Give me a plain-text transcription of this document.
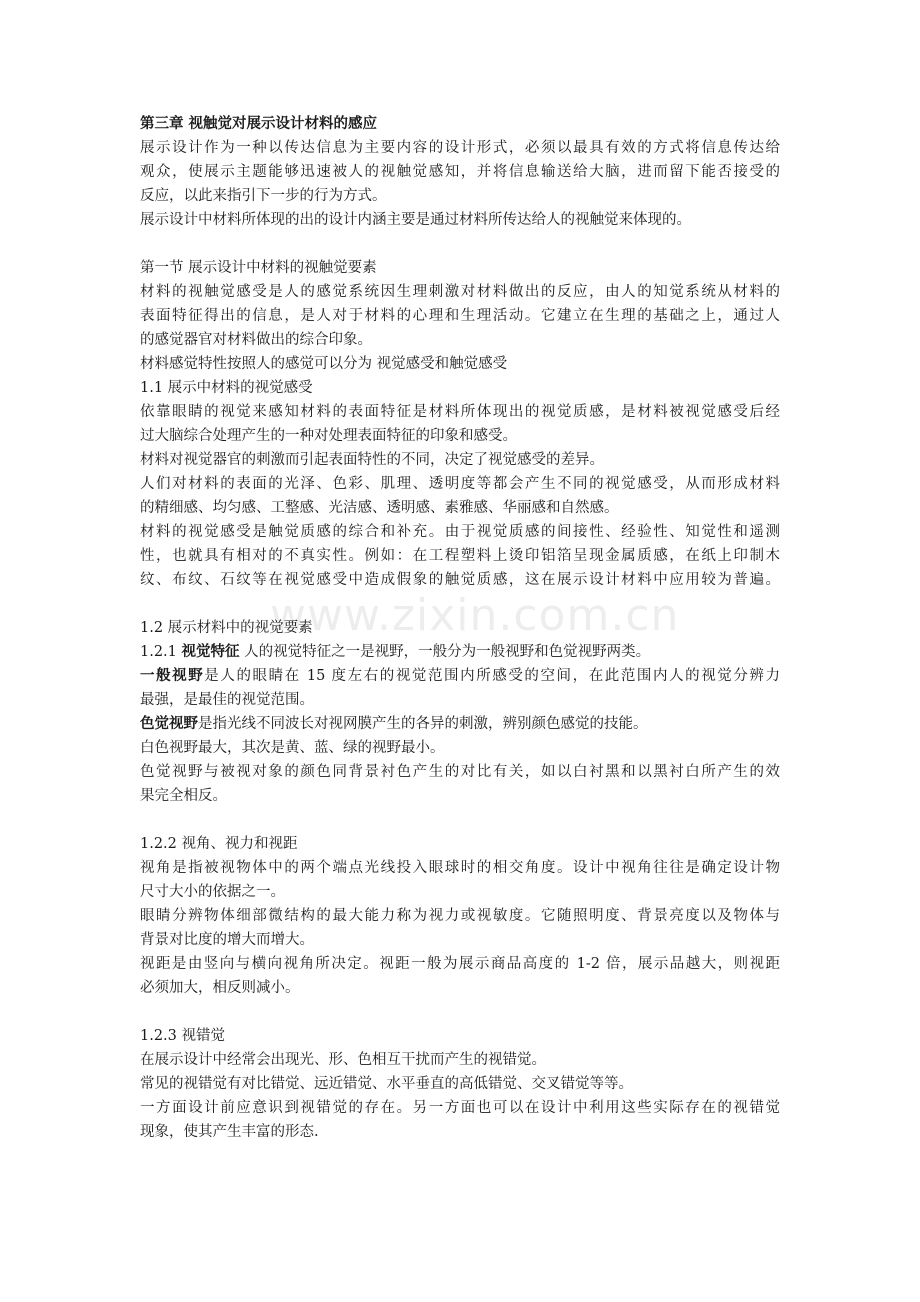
www.zixin.com.cn
第三章 视触觉对展示设计材料的感应
展示设计作为一种以传达信息为主要内容的设计形式，必须以最具有效的方式将信息传达给
观众，使展示主题能够迅速被人的视触觉感知，并将信息输送给大脑，进而留下能否接受的
反应，以此来指引下一步的行为方式。
展示设计中材料所体现的出的设计内涵主要是通过材料所传达给人的视触觉来体现的。
第一节 展示设计中材料的视触觉要素
材料的视触觉感受是人的感觉系统因生理刺激对材料做出的反应，由人的知觉系统从材料的
表面特征得出的信息，是人对于材料的心理和生理活动。它建立在生理的基础之上，通过人
的感觉器官对材料做出的综合印象。
材料感觉特性按照人的感觉可以分为 视觉感受和触觉感受
1.1 展示中材料的视觉感受
依靠眼睛的视觉来感知材料的表面特征是材料所体现出的视觉质感，是材料被视觉感受后经
过大脑综合处理产生的一种对处理表面特征的印象和感受。
材料对视觉器官的刺激而引起表面特性的不同，决定了视觉感受的差异。
人们对材料的表面的光泽、色彩、肌理、透明度等都会产生不同的视觉感受，从而形成材料
的精细感、均匀感、工整感、光洁感、透明感、素雅感、华丽感和自然感。
材料的视觉感受是触觉质感的综合和补充。由于视觉质感的间接性、经验性、知觉性和遥测
性，也就具有相对的不真实性。例如：在工程塑料上烫印铝箔呈现金属质感，在纸上印制木
纹、布纹、石纹等在视觉感受中造成假象的触觉质感，这在展示设计材料中应用较为普遍。
1.2 展示材料中的视觉要素
1.2.1 视觉特征 人的视觉特征之一是视野，一般分为一般视野和色觉视野两类。
一般视野是人的眼睛在 15 度左右的视觉范围内所感受的空间，在此范围内人的视觉分辨力
最强，是最佳的视觉范围。
色觉视野是指光线不同波长对视网膜产生的各异的刺激，辨别颜色感觉的技能。
白色视野最大，其次是黄、蓝、绿的视野最小。
色觉视野与被视对象的颜色同背景衬色产生的对比有关，如以白衬黑和以黑衬白所产生的效
果完全相反。
1.2.2 视角、视力和视距
视角是指被视物体中的两个端点光线投入眼球时的相交角度。设计中视角往往是确定设计物
尺寸大小的依据之一。
眼睛分辨物体细部微结构的最大能力称为视力或视敏度。它随照明度、背景亮度以及物体与
背景对比度的增大而增大。
视距是由竖向与横向视角所决定。视距一般为展示商品高度的 1-2 倍，展示品越大，则视距
必须加大，相反则减小。
1.2.3 视错觉
在展示设计中经常会出现光、形、色相互干扰而产生的视错觉。
常见的视错觉有对比错觉、远近错觉、水平垂直的高低错觉、交叉错觉等等。
一方面设计前应意识到视错觉的存在。另一方面也可以在设计中利用这些实际存在的视错觉
现象，使其产生丰富的形态.
